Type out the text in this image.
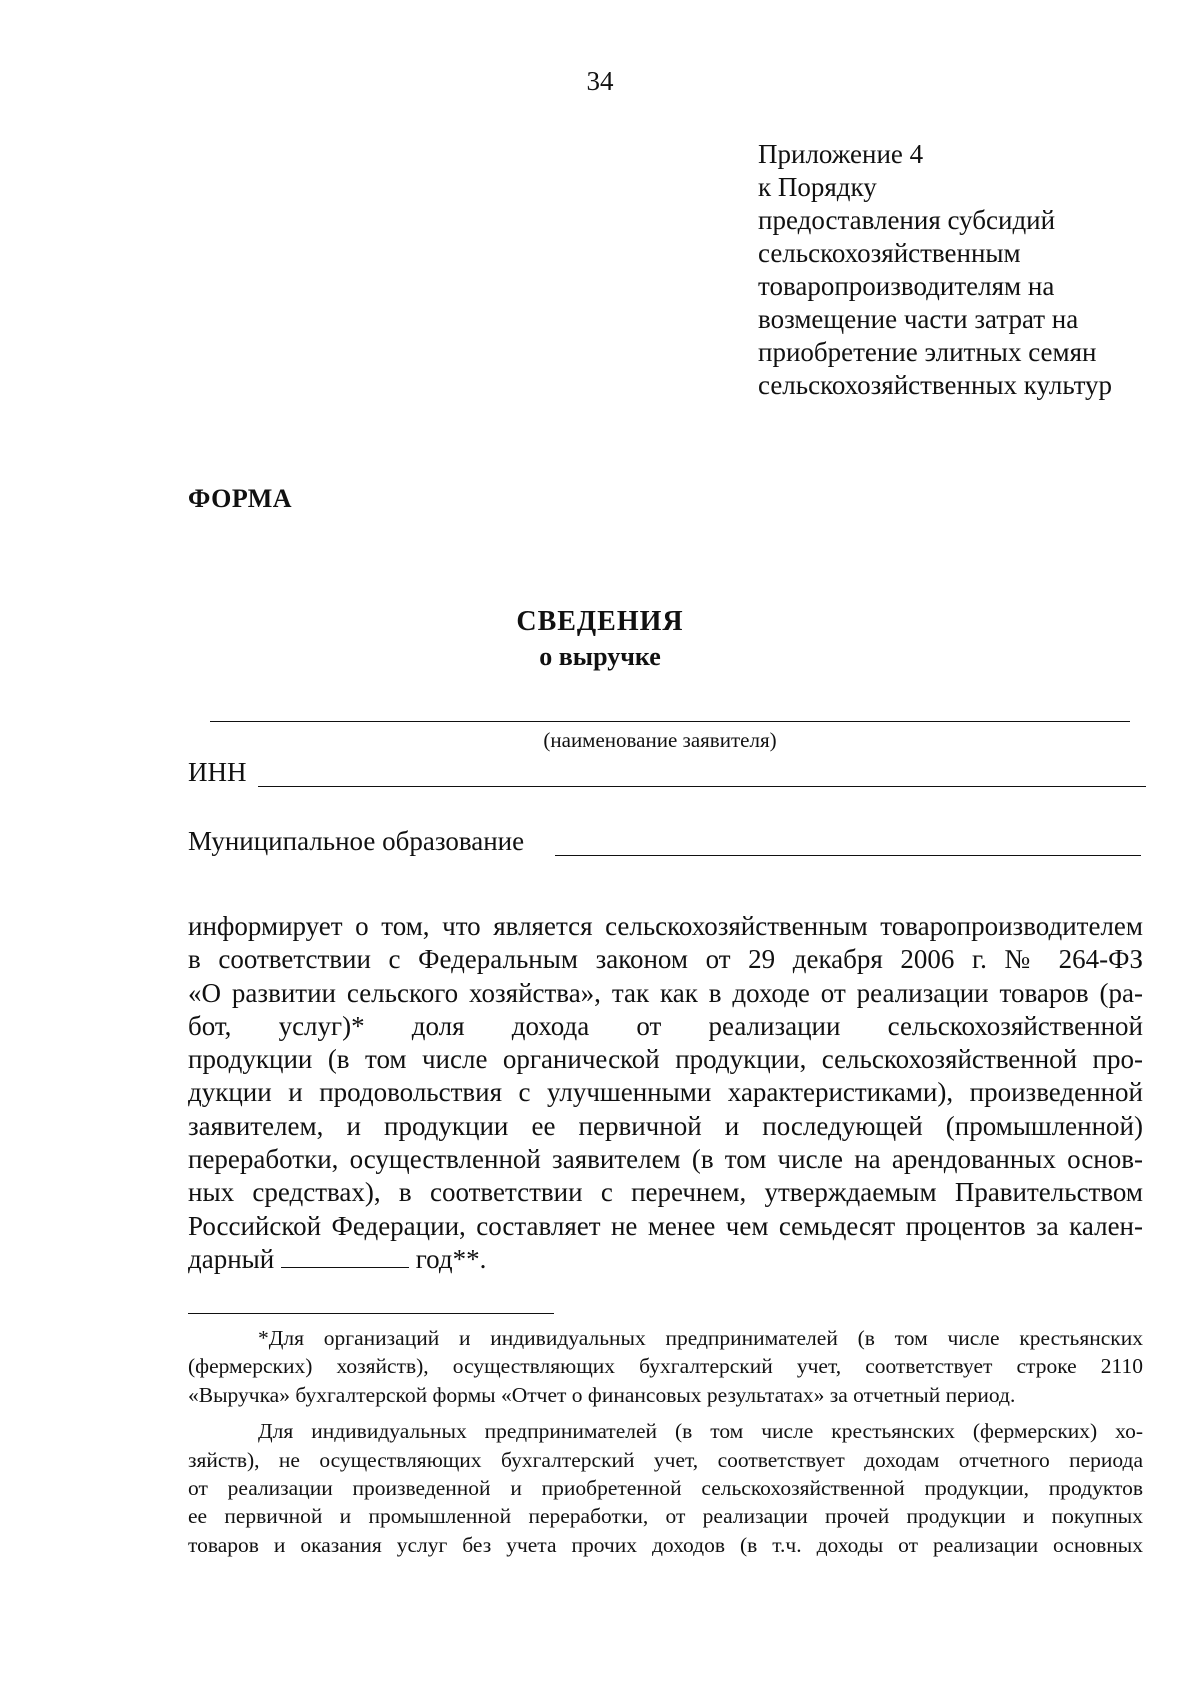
34
Приложение 4
к Порядку
предоставления субсидий
сельскохозяйственным
товаропроизводителям на
возмещение части затрат на
приобретение элитных семян
сельскохозяйственных культур
ФОРМА
СВЕДЕНИЯ
о выручке
(наименование заявителя)
ИНН
Муниципальное образование
информирует о том, что является сельскохозяйственным товаропроизводителем
в соответствии с Федеральным законом от 29 декабря 2006 г. № 264-ФЗ
«О развитии сельского хозяйства», так как в доходе от реализации товаров (ра-
бот, услуг)* доля дохода от реализации сельскохозяйственной
продукции (в том числе органической продукции, сельскохозяйственной про-
дукции и продовольствия с улучшенными характеристиками), произведенной
заявителем, и продукции ее первичной и последующей (промышленной)
переработки, осуществленной заявителем (в том числе на арендованных основ-
ных средствах), в соответствии с перечнем, утверждаемым Правительством
Российской Федерации, составляет не менее чем семьдесят процентов за кален-
дарный	год**.
*Для организаций и индивидуальных предпринимателей (в том числе крестьянских
(фермерских) хозяйств), осуществляющих бухгалтерский учет, соответствует строке 2110
«Выручка» бухгалтерской формы «Отчет о финансовых результатах» за отчетный период.
Для индивидуальных предпринимателей (в том числе крестьянских (фермерских) хо-
зяйств), не осуществляющих бухгалтерский учет, соответствует доходам отчетного периода
от реализации произведенной и приобретенной сельскохозяйственной продукции, продуктов
ее первичной и промышленной переработки, от реализации прочей продукции и покупных
товаров и оказания услуг без учета прочих доходов (в т.ч. доходы от реализации основных
